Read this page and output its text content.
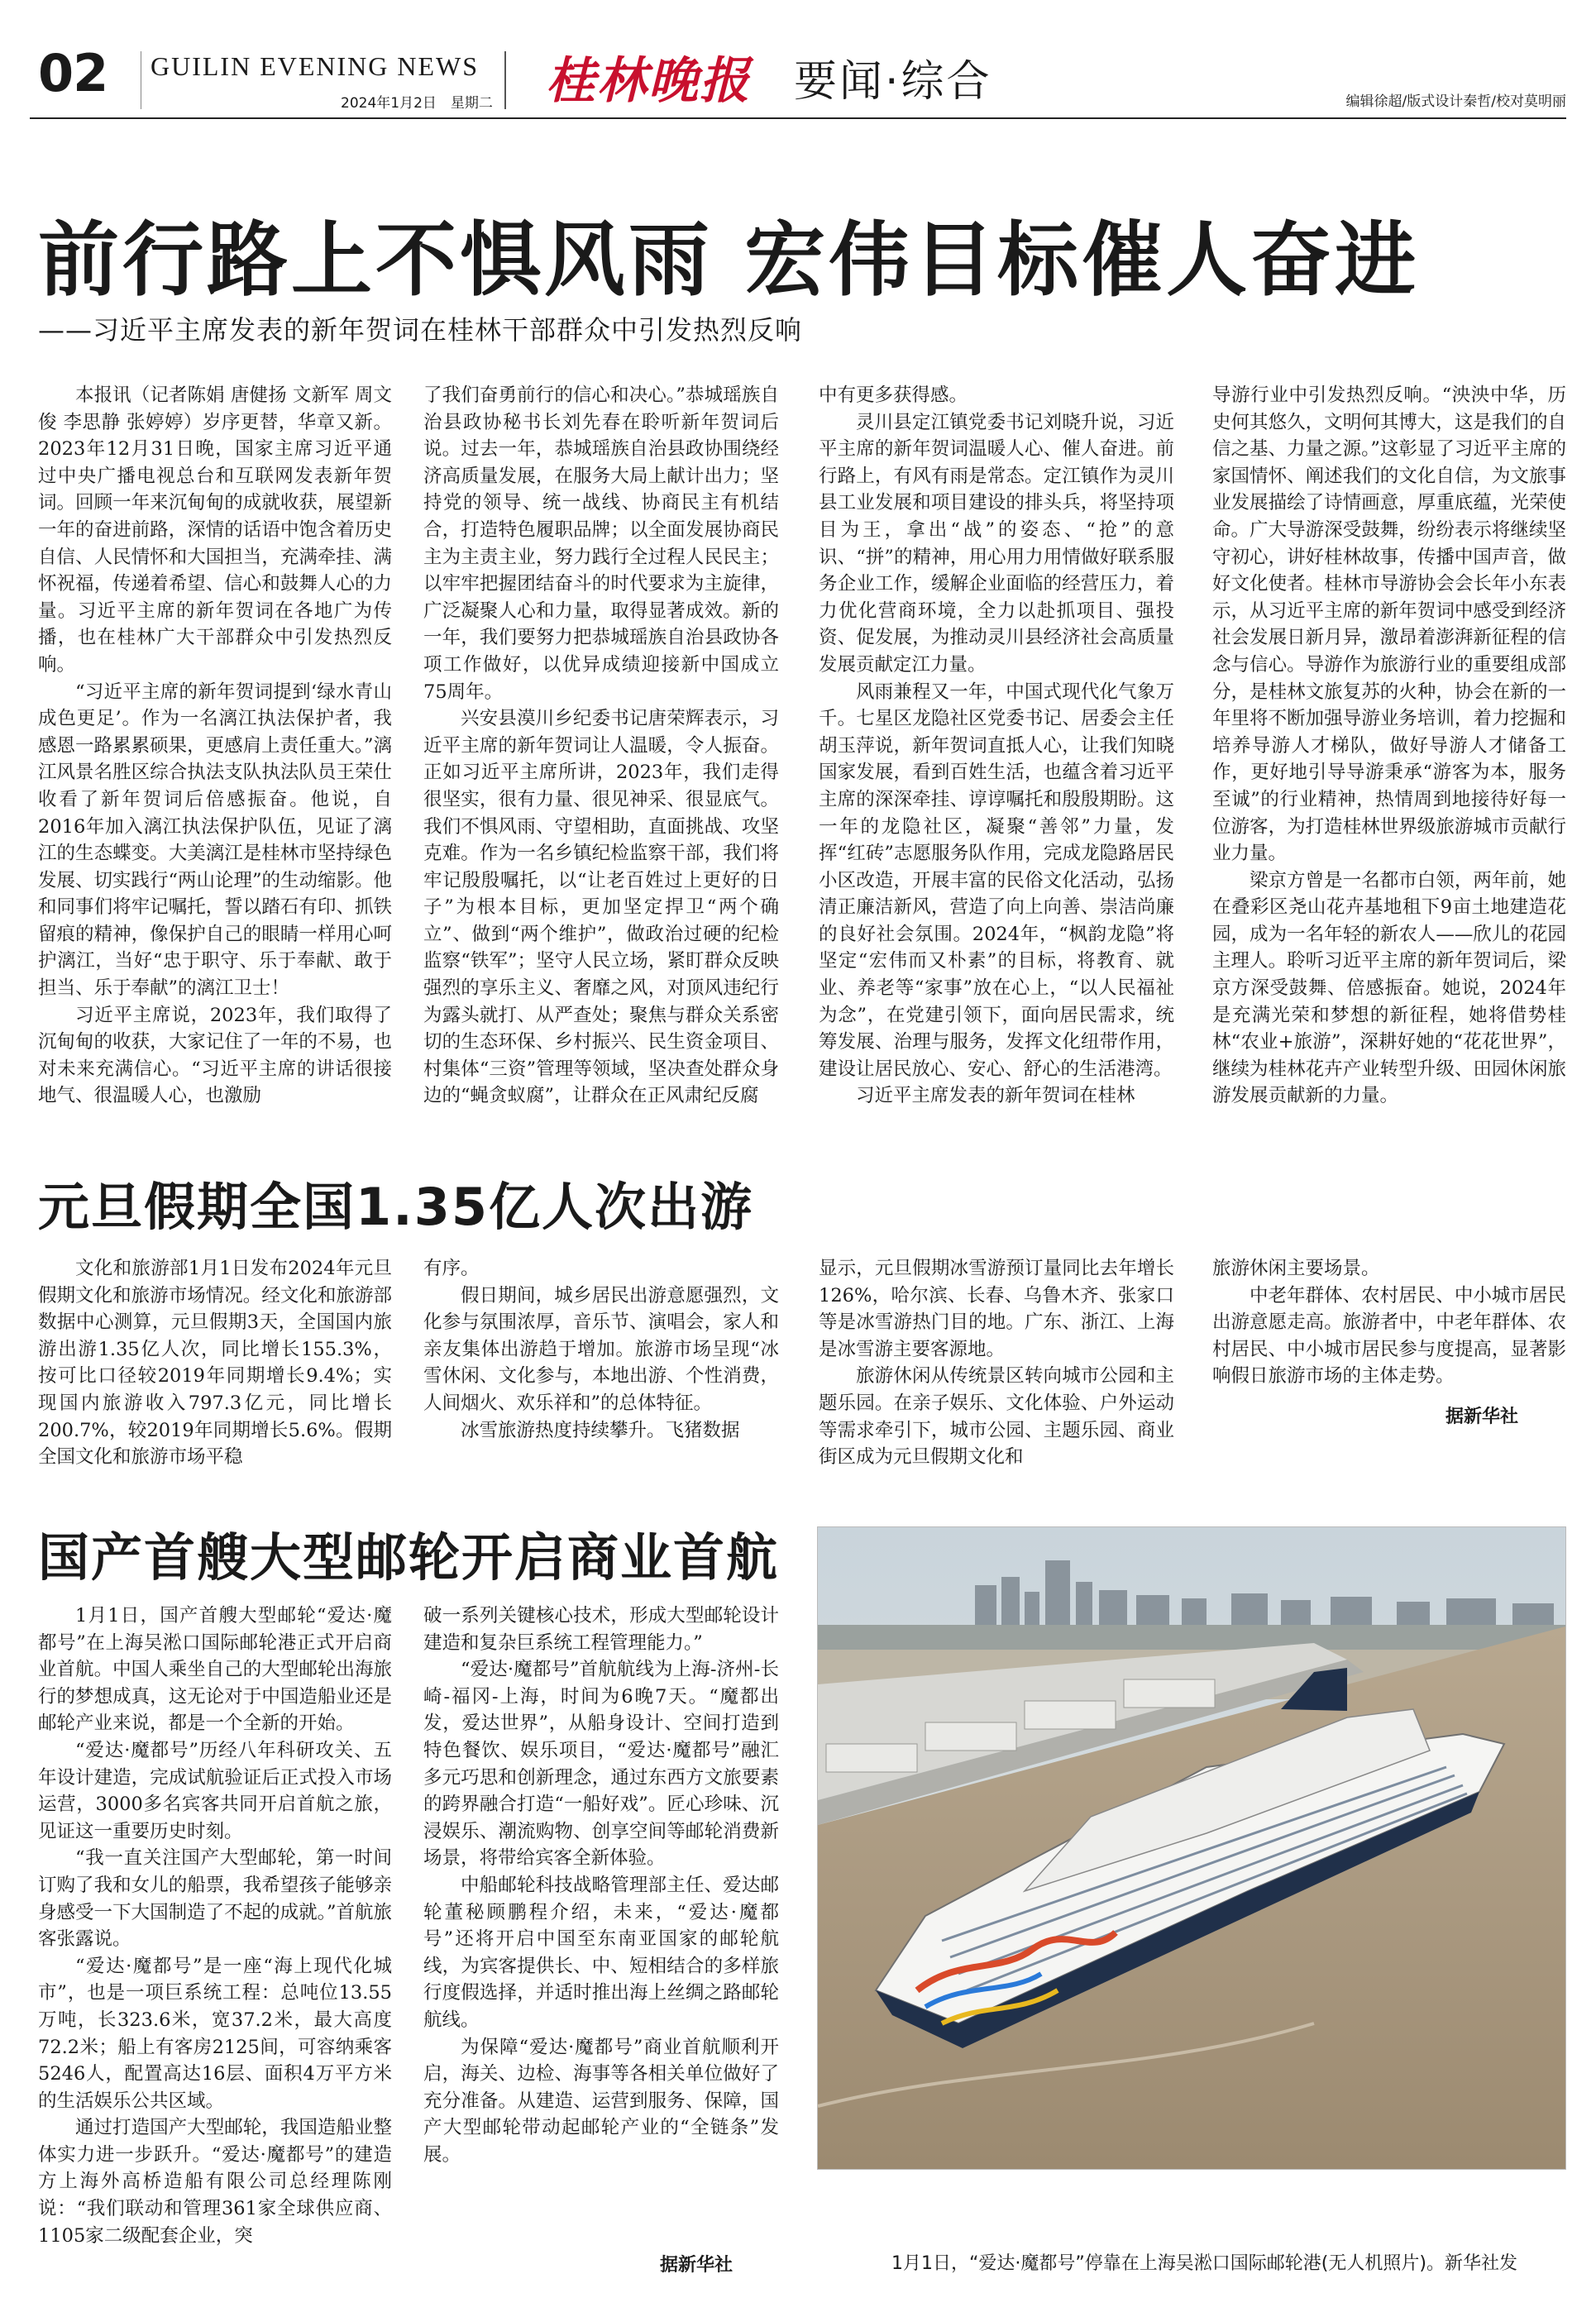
02 GUILIN EVENING NEWS
2024年1月2日　星期二 桂林晚报 要闻·综合	编辑徐超/版式设计秦哲/校对莫明丽
前行路上不惧风雨 宏伟目标催人奋进
——习近平主席发表的新年贺词在桂林干部群众中引发热烈反响

本报讯（记者陈娟 唐健扬 文新军 周文俊 李思静 张婷婷）岁序更替，华章又新。2023年12月31日晚，国家主席习近平通过中央广播电视总台和互联网发表新年贺词。回顾一年来沉甸甸的成就收获，展望新一年的奋进前路，深情的话语中饱含着历史自信、人民情怀和大国担当，充满牵挂、满怀祝福，传递着希望、信心和鼓舞人心的力量。习近平主席的新年贺词在各地广为传播，也在桂林广大干部群众中引发热烈反响。

“习近平主席的新年贺词提到‘绿水青山成色更足’。作为一名漓江执法保护者，我感恩一路累累硕果，更感肩上责任重大。”漓江风景名胜区综合执法支队执法队员王荣仕收看了新年贺词后倍感振奋。他说，自2016年加入漓江执法保护队伍，见证了漓江的生态蝶变。大美漓江是桂林市坚持绿色发展、切实践行“两山论理”的生动缩影。他和同事们将牢记嘱托，誓以踏石有印、抓铁留痕的精神，像保护自己的眼睛一样用心呵护漓江，当好“忠于职守、乐于奉献、敢于担当、乐于奉献”的漓江卫士！

习近平主席说，2023年，我们取得了沉甸甸的收获，大家记住了一年的不易，也对未来充满信心。“习近平主席的讲话很接地气、很温暖人心，也激励

了我们奋勇前行的信心和决心。”恭城瑶族自治县政协秘书长刘先春在聆听新年贺词后说。过去一年，恭城瑶族自治县政协围绕经济高质量发展，在服务大局上献计出力；坚持党的领导、统一战线、协商民主有机结合，打造特色履职品牌；以全面发展协商民主为主责主业，努力践行全过程人民民主；以牢牢把握团结奋斗的时代要求为主旋律，广泛凝聚人心和力量，取得显著成效。新的一年，我们要努力把恭城瑶族自治县政协各项工作做好，以优异成绩迎接新中国成立75周年。

兴安县漠川乡纪委书记唐荣辉表示，习近平主席的新年贺词让人温暖，令人振奋。正如习近平主席所讲，2023年，我们走得很坚实，很有力量、很见神采、很显底气。我们不惧风雨、守望相助，直面挑战、攻坚克难。作为一名乡镇纪检监察干部，我们将牢记殷殷嘱托，以“让老百姓过上更好的日子”为根本目标，更加坚定捍卫“两个确立”、做到“两个维护”，做政治过硬的纪检监察“铁军”；坚守人民立场，紧盯群众反映强烈的享乐主义、奢靡之风，对顶风违纪行为露头就打、从严查处；聚焦与群众关系密切的生态环保、乡村振兴、民生资金项目、村集体“三资”管理等领域，坚决查处群众身边的“蝇贪蚁腐”，让群众在正风肃纪反腐

中有更多获得感。

灵川县定江镇党委书记刘晓升说，习近平主席的新年贺词温暖人心、催人奋进。前行路上，有风有雨是常态。定江镇作为灵川县工业发展和项目建设的排头兵，将坚持项目为王，拿出“战”的姿态、“抢”的意识、“拼”的精神，用心用力用情做好联系服务企业工作，缓解企业面临的经营压力，着力优化营商环境，全力以赴抓项目、强投资、促发展，为推动灵川县经济社会高质量发展贡献定江力量。

风雨兼程又一年，中国式现代化气象万千。七星区龙隐社区党委书记、居委会主任胡玉萍说，新年贺词直抵人心，让我们知晓国家发展，看到百姓生活，也蕴含着习近平主席的深深牵挂、谆谆嘱托和殷殷期盼。这一年的龙隐社区，凝聚“善邻”力量，发挥“红砖”志愿服务队作用，完成龙隐路居民小区改造，开展丰富的民俗文化活动，弘扬清正廉洁新风，营造了向上向善、崇洁尚廉的良好社会氛围。2024年，“枫韵龙隐”将坚定“宏伟而又朴素”的目标，将教育、就业、养老等“家事”放在心上，“以人民福祉为念”，在党建引领下，面向居民需求，统筹发展、治理与服务，发挥文化纽带作用，建设让居民放心、安心、舒心的生活港湾。

习近平主席发表的新年贺词在桂林

导游行业中引发热烈反响。“泱泱中华，历史何其悠久，文明何其博大，这是我们的自信之基、力量之源。”这彰显了习近平主席的家国情怀、阐述我们的文化自信，为文旅事业发展描绘了诗情画意，厚重底蕴，光荣使命。广大导游深受鼓舞，纷纷表示将继续坚守初心，讲好桂林故事，传播中国声音，做好文化使者。桂林市导游协会会长年小东表示，从习近平主席的新年贺词中感受到经济社会发展日新月异，激昂着澎湃新征程的信念与信心。导游作为旅游行业的重要组成部分，是桂林文旅复苏的火种，协会在新的一年里将不断加强导游业务培训，着力挖掘和培养导游人才梯队，做好导游人才储备工作，更好地引导导游秉承“游客为本，服务至诚”的行业精神，热情周到地接待好每一位游客，为打造桂林世界级旅游城市贡献行业力量。

梁京方曾是一名都市白领，两年前，她在叠彩区尧山花卉基地租下9亩土地建造花园，成为一名年轻的新农人——欣儿的花园主理人。聆听习近平主席的新年贺词后，梁京方深受鼓舞、倍感振奋。她说，2024年是充满光荣和梦想的新征程，她将借势桂林“农业+旅游”，深耕好她的“花花世界”，继续为桂林花卉产业转型升级、田园休闲旅游发展贡献新的力量。

元旦假期全国1.35亿人次出游

文化和旅游部1月1日发布2024年元旦假期文化和旅游市场情况。经文化和旅游部数据中心测算，元旦假期3天，全国国内旅游出游1.35亿人次，同比增长155.3%，按可比口径较2019年同期增长9.4%；实现国内旅游收入797.3亿元，同比增长200.7%，较2019年同期增长5.6%。假期全国文化和旅游市场平稳

有序。

假日期间，城乡居民出游意愿强烈，文化参与氛围浓厚，音乐节、演唱会，家人和亲友集体出游趋于增加。旅游市场呈现“冰雪休闲、文化参与，本地出游、个性消费，人间烟火、欢乐祥和”的总体特征。

冰雪旅游热度持续攀升。飞猪数据

显示，元旦假期冰雪游预订量同比去年增长126%，哈尔滨、长春、乌鲁木齐、张家口等是冰雪游热门目的地。广东、浙江、上海是冰雪游主要客源地。

旅游休闲从传统景区转向城市公园和主题乐园。在亲子娱乐、文化体验、户外运动等需求牵引下，城市公园、主题乐园、商业街区成为元旦假期文化和

旅游休闲主要场景。

中老年群体、农村居民、中小城市居民出游意愿走高。旅游者中，中老年群体、农村居民、中小城市居民参与度提高，显著影响假日旅游市场的主体走势。

据新华社
国产首艘大型邮轮开启商业首航

1月1日，国产首艘大型邮轮“爱达·魔都号”在上海吴淞口国际邮轮港正式开启商业首航。中国人乘坐自己的大型邮轮出海旅行的梦想成真，这无论对于中国造船业还是邮轮产业来说，都是一个全新的开始。

“爱达·魔都号”历经八年科研攻关、五年设计建造，完成试航验证后正式投入市场运营，3000多名宾客共同开启首航之旅，见证这一重要历史时刻。

“我一直关注国产大型邮轮，第一时间订购了我和女儿的船票，我希望孩子能够亲身感受一下大国制造了不起的成就。”首航旅客张露说。

“爱达·魔都号”是一座“海上现代化城市”，也是一项巨系统工程：总吨位13.55万吨，长323.6米，宽37.2米，最大高度72.2米；船上有客房2125间，可容纳乘客5246人，配置高达16层、面积4万平方米的生活娱乐公共区域。

通过打造国产大型邮轮，我国造船业整体实力进一步跃升。“爱达·魔都号”的建造方上海外高桥造船有限公司总经理陈刚说：“我们联动和管理361家全球供应商、1105家二级配套企业，突

破一系列关键核心技术，形成大型邮轮设计建造和复杂巨系统工程管理能力。”

“爱达·魔都号”首航航线为上海-济州-长崎-福冈-上海，时间为6晚7天。“魔都出发，爱达世界”，从船身设计、空间打造到特色餐饮、娱乐项目，“爱达·魔都号”融汇多元巧思和创新理念，通过东西方文旅要素的跨界融合打造“一船好戏”。匠心珍味、沉浸娱乐、潮流购物、创享空间等邮轮消费新场景，将带给宾客全新体验。

中船邮轮科技战略管理部主任、爱达邮轮董秘顾鹏程介绍，未来，“爱达·魔都号”还将开启中国至东南亚国家的邮轮航线，为宾客提供长、中、短相结合的多样旅行度假选择，并适时推出海上丝绸之路邮轮航线。

为保障“爱达·魔都号”商业首航顺利开启，海关、边检、海事等各相关单位做好了充分准备。从建造、运营到服务、保障，国产大型邮轮带动起邮轮产业的“全链条”发展。

据新华社	1月1日，“爱达·魔都号”停靠在上海吴淞口国际邮轮港(无人机照片)。新华社发
